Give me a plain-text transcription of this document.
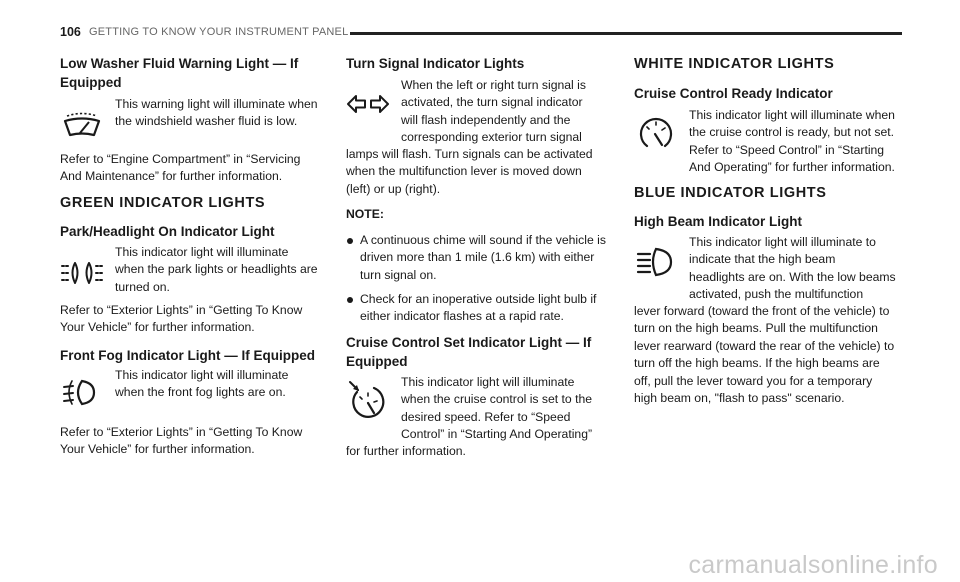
106 GETTING TO KNOW YOUR INSTRUMENT PANEL
Low Washer Fluid Warning Light — If
Equipped
This warning light will illuminate when
the windshield washer fluid is low.
Refer to “Engine Compartment” in “Servicing
And Maintenance” for further information.
GREEN INDICATOR LIGHTS
Park/Headlight On Indicator Light
This indicator light will illuminate
when the park lights or headlights are
turned on.
Refer to “Exterior Lights” in “Getting To Know
Your Vehicle” for further information.
Front Fog Indicator Light — If Equipped
This indicator light will illuminate
when the front fog lights are on.
Refer to “Exterior Lights” in “Getting To Know
Your Vehicle” for further information.
Turn Signal Indicator Lights
When the left or right turn signal is
activated, the turn signal indicator
will flash independently and the
corresponding exterior turn signal
lamps will flash. Turn signals can be activated
when the multifunction lever is moved down
(left) or up (right).
NOTE:
A continuous chime will sound if the vehicle is
driven more than 1 mile (1.6 km) with either
turn signal on.
Check for an inoperative outside light bulb if
either indicator flashes at a rapid rate.
Cruise Control Set Indicator Light — If
Equipped
This indicator light will illuminate
when the cruise control is set to the
desired speed. Refer to “Speed
Control” in “Starting And Operating”
for further information.
WHITE INDICATOR LIGHTS
Cruise Control Ready Indicator
This indicator light will illuminate when
the cruise control is ready, but not set.
Refer to “Speed Control” in “Starting
And Operating” for further information.
BLUE INDICATOR LIGHTS
High Beam Indicator Light
This indicator light will illuminate to
indicate that the high beam
headlights are on. With the low beams
activated, push the multifunction
lever forward (toward the front of the vehicle) to
turn on the high beams. Pull the multifunction
lever rearward (toward the rear of the vehicle) to
turn off the high beams. If the high beams are
off, pull the lever toward you for a temporary
high beam on, "flash to pass" scenario.
carmanualsonline.info
